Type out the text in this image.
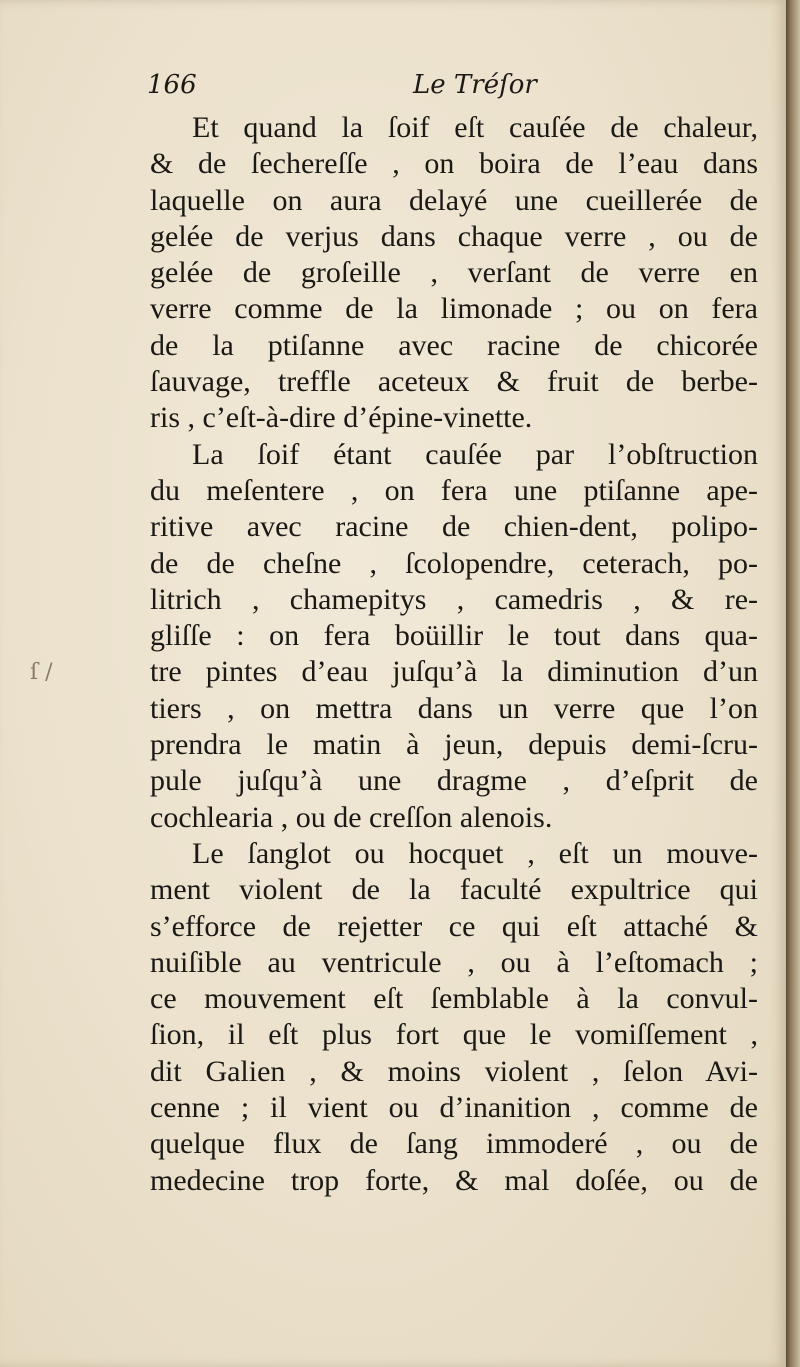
ſ /
166	Le Tréſor
Et quand la ſoif eſt cauſée de chaleur,
& de ſechereſſe , on boira de l’eau dans
laquelle on aura delayé une cueillerée de
gelée de verjus dans chaque verre , ou de
gelée de groſeille , verſant de verre en
verre comme de la limonade ; ou on fera
de la ptiſanne avec racine de chicorée
ſauvage, treffle aceteux & fruit de berbe-
ris , c’eſt-à-dire d’épine-vinette.
La ſoif étant cauſée par l’obſtruction
du meſentere , on fera une ptiſanne ape-
ritive avec racine de chien-dent, polipo-
de de cheſne , ſcolopendre, ceterach, po-
litrich , chamepitys , camedris , & re-
gliſſe : on fera boüillir le tout dans qua-
tre pintes d’eau juſqu’à la diminution d’un
tiers , on mettra dans un verre que l’on
prendra le matin à jeun, depuis demi-ſcru-
pule juſqu’à une dragme , d’eſprit de
cochlearia , ou de creſſon alenois.
Le ſanglot ou hocquet , eſt un mouve-
ment violent de la faculté expultrice qui
s’efforce de rejetter ce qui eſt attaché &
nuiſible au ventricule , ou à l’eſtomach ;
ce mouvement eſt ſemblable à la convul-
ſion, il eſt plus fort que le vomiſſement ,
dit Galien , & moins violent , ſelon Avi-
cenne ; il vient ou d’inanition , comme de
quelque flux de ſang immoderé , ou de
medecine trop forte, & mal doſée, ou de
